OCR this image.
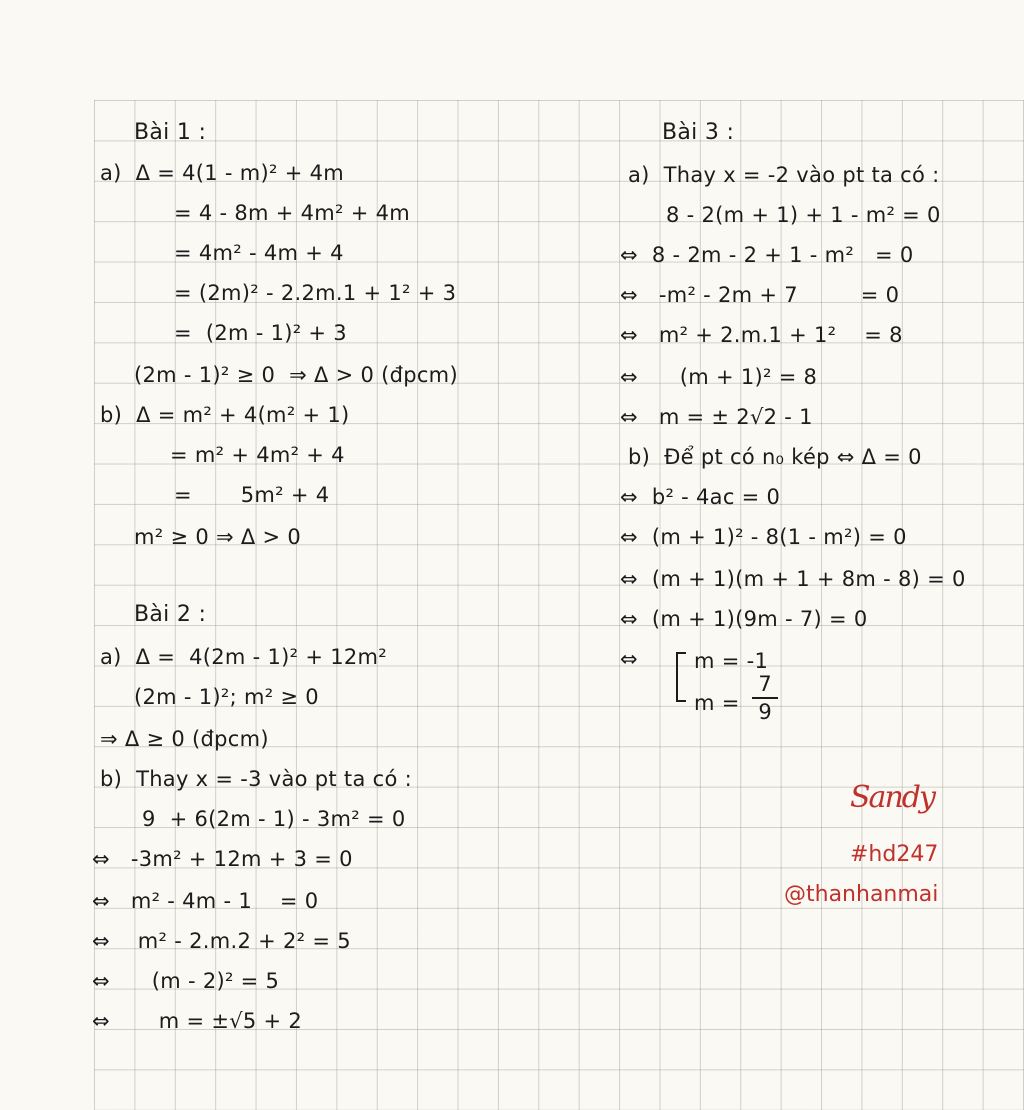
Bài 1 :
a)  Δ = 4(1 - m)² + 4m
= 4 - 8m + 4m² + 4m
= 4m² - 4m + 4
= (2m)² - 2.2m.1 + 1² + 3
=  (2m - 1)² + 3
(2m - 1)² ≥ 0  ⇒ Δ > 0 (đpcm)
b)  Δ = m² + 4(m² + 1)
= m² + 4m² + 4
=       5m² + 4
m² ≥ 0 ⇒ Δ > 0
Bài 2 :
a)  Δ =  4(2m - 1)² + 12m²
(2m - 1)²; m² ≥ 0
⇒ Δ ≥ 0 (đpcm)
b)  Thay x = -3 vào pt ta có :
9  + 6(2m - 1) - 3m² = 0
⇔   -3m² + 12m + 3 = 0
⇔   m² - 4m - 1    = 0
⇔    m² - 2.m.2 + 2² = 5
⇔      (m - 2)² = 5
⇔       m = ±√5 + 2
Bài 3 :
a)  Thay x = -2 vào pt ta có :
8 - 2(m + 1) + 1 - m² = 0
⇔  8 - 2m - 2 + 1 - m²   = 0
⇔   -m² - 2m + 7         = 0
⇔   m² + 2.m.1 + 1²    = 8
⇔      (m + 1)² = 8
⇔   m = ± 2√2 - 1
b)  Để pt có n₀ kép ⇔ Δ = 0
⇔  b² - 4ac = 0
⇔  (m + 1)² - 8(1 - m²) = 0
⇔  (m + 1)(m + 1 + 8m - 8) = 0
⇔  (m + 1)(9m - 7) = 0
⇔	m = -1
m =
7
9
Sandy
#hd247
@thanhanmai
